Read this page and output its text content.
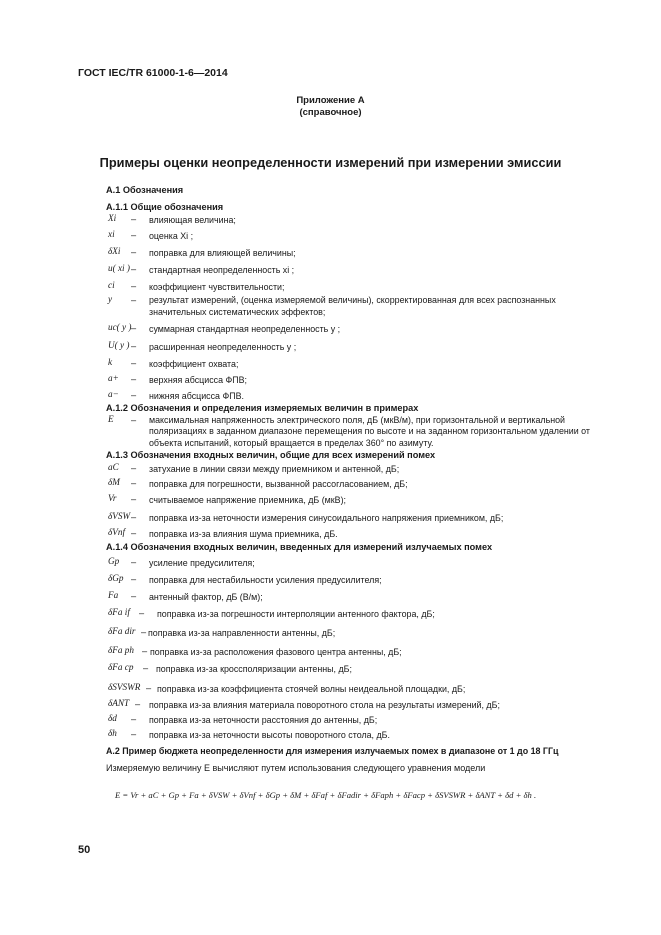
ГОСТ IEC/TR 61000-1-6—2014
Приложение А
(справочное)
Примеры оценки неопределенности измерений при измерении эмиссии
А.1 Обозначения
А.1.1 Общие обозначения
Xi – влияющая величина;
xi – оценка Xi ;
δXi – поправка для влияющей величины;
u( xi ) – стандартная неопределенность xi ;
ci – коэффициент чувствительности;
y – результат измерений, (оценка измеряемой величины), скорректированная для всех распознанных значительных систематических эффектов;
uc( y ) – суммарная стандартная неопределенность y ;
U( y ) – расширенная неопределенность y ;
k – коэффициент охвата;
a+ – верхняя абсцисса ФПВ;
a− – нижняя абсцисса ФПВ.
А.1.2 Обозначения и определения измеряемых величин в примерах
E – максимальная напряженность электрического поля, дБ (мкВ/м), при горизонтальной и вертикальной поляризациях в заданном диапазоне перемещения по высоте и на заданном горизонтальном удалении от объекта испытаний, который вращается в пределах 360° по азимуту.
А.1.3 Обозначения входных величин, общие для всех измерений помех
aC – затухание в линии связи между приемником и антенной, дБ;
δM – поправка для погрешности, вызванной рассогласованием, дБ;
Vr – считываемое напряжение приемника, дБ (мкВ);
δVSW – поправка из-за неточности измерения синусоидального напряжения приемником, дБ;
δVnf – поправка из-за влияния шума приемника, дБ.
А.1.4 Обозначения входных величин, введенных для измерений излучаемых помех
Gp – усиление предусилителя;
δGp – поправка для нестабильности усиления предусилителя;
Fa – антенный фактор, дБ (В/м);
δFa if – поправка из-за погрешности интерполяции антенного фактора, дБ;
δFa dir – поправка из-за направленности антенны, дБ;
δFa ph – поправка из-за расположения фазового центра антенны, дБ;
δFa cp – поправка из-за кроссполяризации антенны, дБ;
δSVSWR – поправка из-за коэффициента стоячей волны неидеальной площадки, дБ;
δANT – поправка из-за влияния материала поворотного стола на результаты измерений, дБ;
δd – поправка из-за неточности расстояния до антенны, дБ;
δh – поправка из-за неточности высоты поворотного стола, дБ.
А.2 Пример бюджета неопределенности для измерения излучаемых помех в диапазоне от 1 до 18 ГГц
Измеряемую величину E вычисляют путем использования следующего уравнения модели
E = Vr + aC + Gp + Fa + δVSW + δVnf + δGp + δM + δFaf + δFadir + δFaph + δFacp + δSVSWR + δANT + δd + δh .
50
